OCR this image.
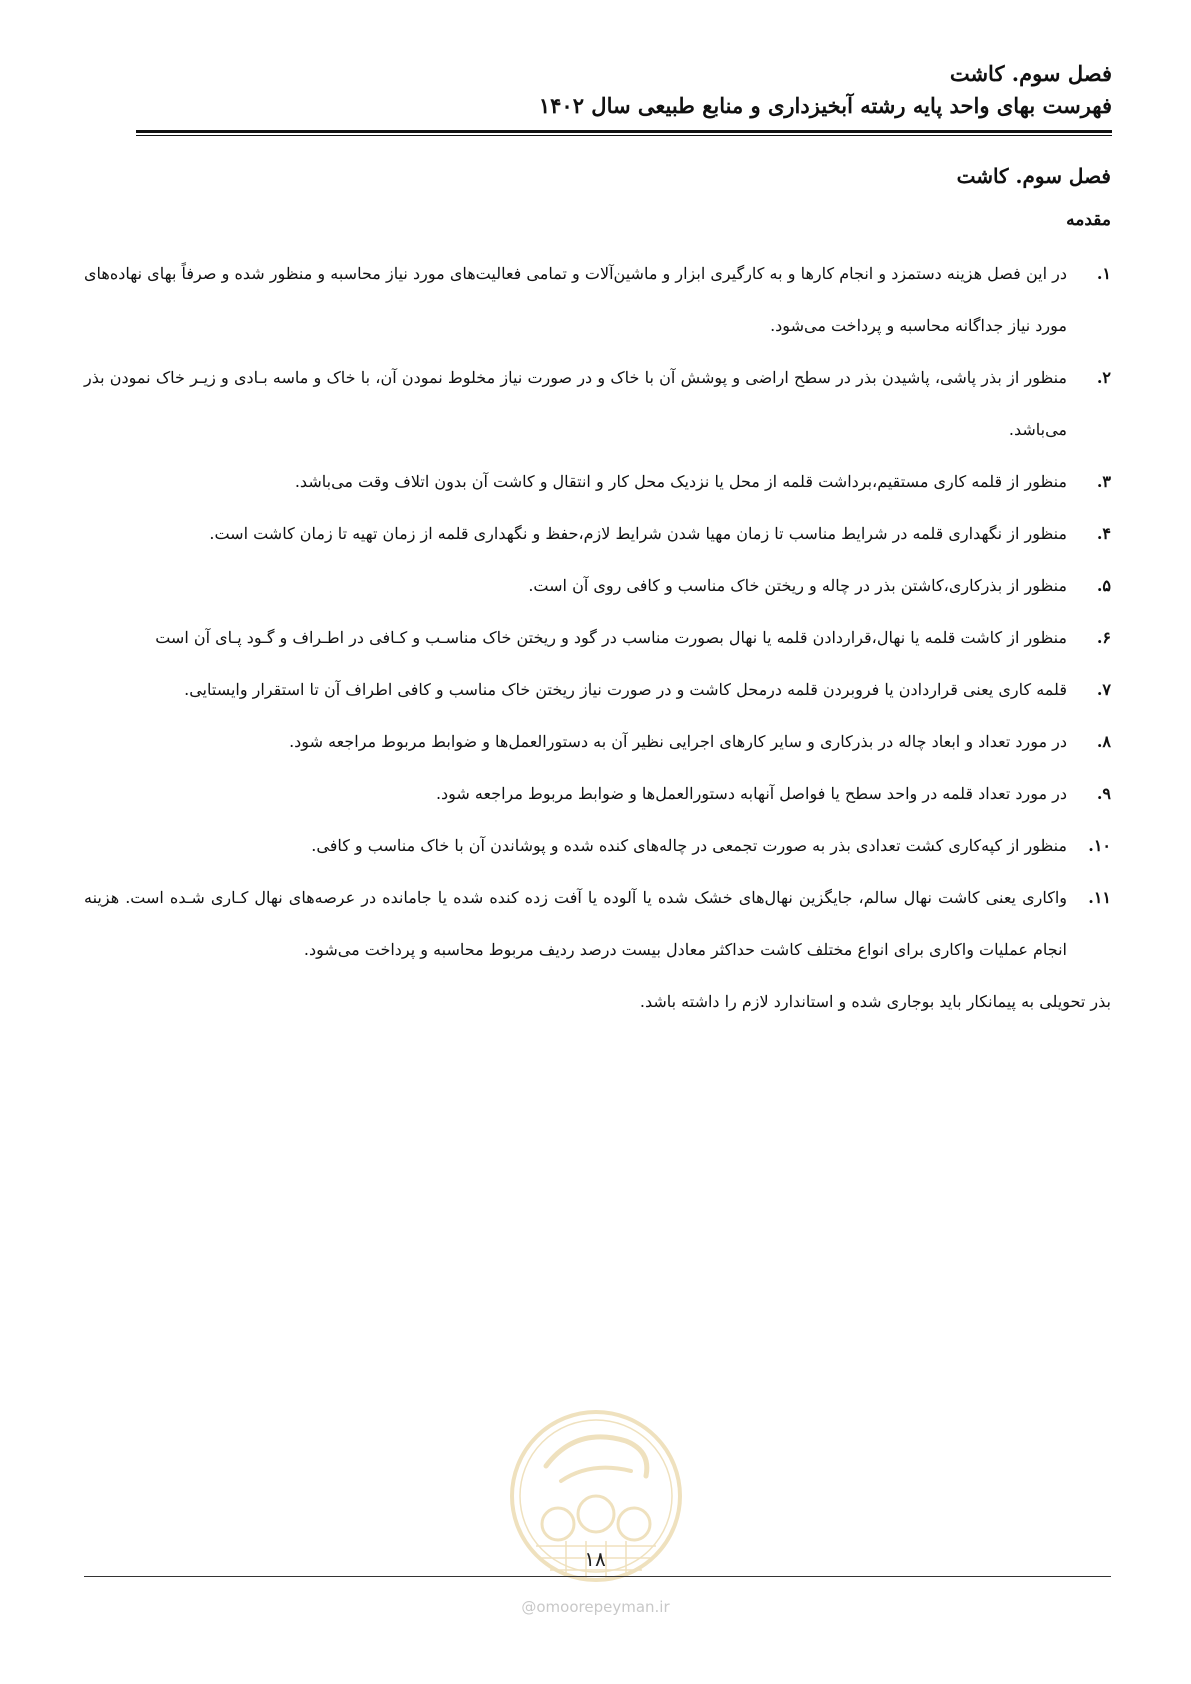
فصل سوم. کاشت
فهرست بهای واحد پایه رشته آبخیزداری و منابع طبیعی سال ۱۴۰۲
فصل سوم. کاشت
مقدمه
۱.
در این فصل هزینه دستمزد و انجام کارها و به کارگیری ابزار و ماشین‌آلات و تمامی فعالیت‌های مورد نیاز محاسبه و منظور شده و صرفاً بهای نهاده‌های مورد نیاز جداگانه محاسبه و پرداخت می‌شود.
۲.
منظور از بذر پاشی، پاشیدن بذر در سطح اراضی و پوشش آن با خاک و در صورت نیاز مخلوط نمودن آن، با خاک و ماسه بـادی و زیـر خاک نمودن بذر می‌باشد.
۳.
منظور از قلمه کاری مستقیم،برداشت قلمه از محل یا نزدیک محل کار و انتقال و کاشت آن بدون اتلاف وقت می‌باشد.
۴.
منظور از نگهداری قلمه در شرایط مناسب تا زمان مهیا شدن شرایط لازم،حفظ و نگهداری قلمه از زمان تهیه تا زمان کاشت است.
۵.
منظور از بذرکاری،کاشتن بذر در چاله و ریختن خاک مناسب و کافی روی آن است.
۶.
منظور از کاشت قلمه یا نهال،قراردادن قلمه یا نهال بصورت مناسب در گود و ریختن خاک مناسـب و کـافی در اطـراف و گـود پـای آن است
۷.
قلمه کاری یعنی قراردادن یا فروبردن قلمه درمحل کاشت و در صورت نیاز ریختن خاک مناسب و کافی اطراف آن تا استقرار وایستایی.
۸.
در مورد تعداد و ابعاد چاله در بذرکاری و سایر کارهای اجرایی نظیر آن به دستورالعمل‌ها و ضوابط مربوط مراجعه شود.
۹.
در مورد تعداد قلمه در واحد سطح یا فواصل آنهابه دستورالعمل‌ها و ضوابط مربوط مراجعه شود.
۱۰.
منظور از کپه‌کاری کشت تعدادی بذر به صورت تجمعی در چاله‌های کنده شده و پوشاندن آن با خاک مناسب و کافی.
۱۱.
واکاری یعنی کاشت نهال سالم، جایگزین نهال‌های خشک شده یا آلوده یا آفت زده کنده شده یا جامانده در عرصه‌های نهال کـاری شـده است. هزینه انجام عملیات واکاری برای انواع مختلف کاشت حداکثر معادل بیست درصد ردیف مربوط محاسبه و پرداخت می‌شود.
بذر تحویلی به پیمانکار باید بوجاری شده و استاندارد لازم را داشته باشد.
۱۸
@omoorepeyman.ir
